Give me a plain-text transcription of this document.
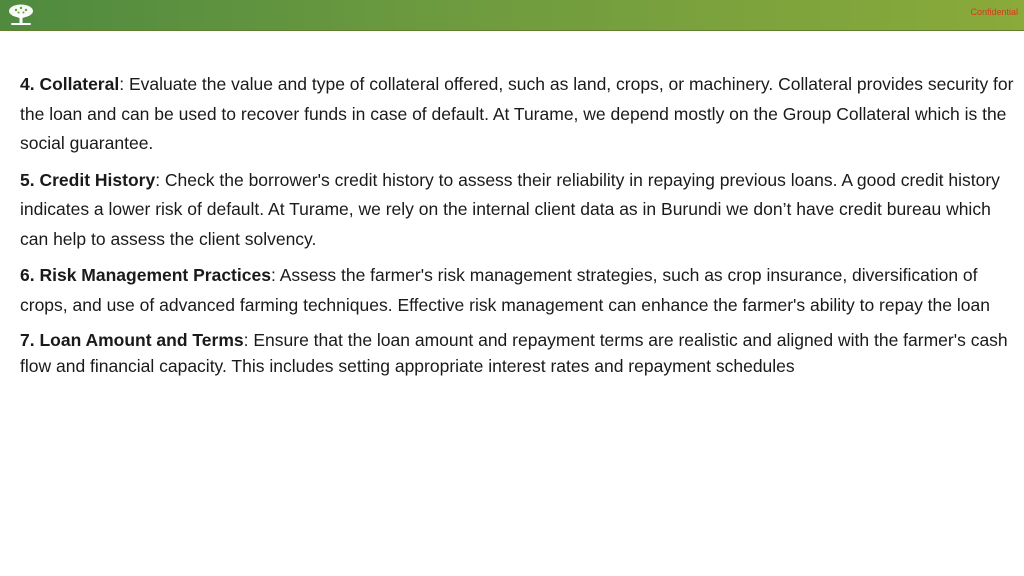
Confidential

4. Collateral: Evaluate the value and type of collateral offered, such as land, crops, or machinery. Collateral provides security for the loan and can be used to recover funds in case of default. At Turame, we depend mostly on the Group Collateral which is the social guarantee.

5. Credit History: Check the borrower's credit history to assess their reliability in repaying previous loans. A good credit history indicates a lower risk of default. At Turame, we rely on the internal client data as in Burundi we don’t have credit bureau which can help to assess the client solvency.

6. Risk Management Practices: Assess the farmer's risk management strategies, such as crop insurance, diversification of crops, and use of advanced farming techniques. Effective risk management can enhance the farmer's ability to repay the loan

7. Loan Amount and Terms: Ensure that the loan amount and repayment terms are realistic and aligned with the farmer's cash flow and financial capacity. This includes setting appropriate interest rates and repayment schedules
